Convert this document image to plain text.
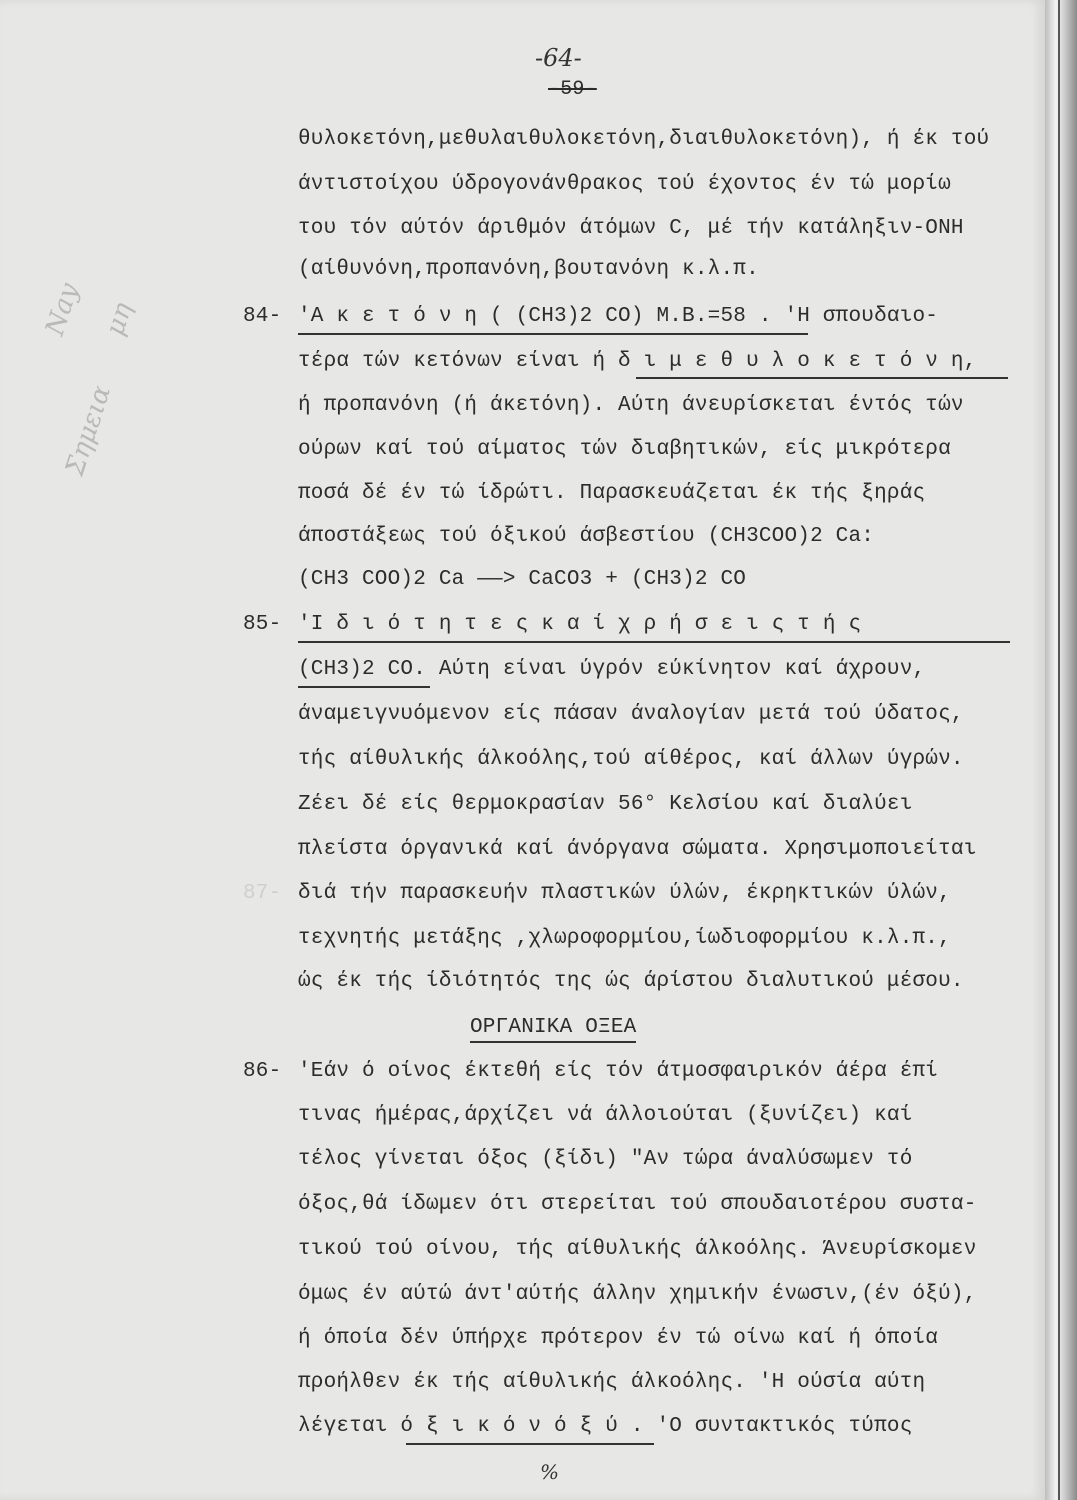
-64-
-59-
Nay μη
Σημεια
θυλοκετόνη,μεθυλαιθυλοκετόνη,διαιθυλοκετόνη), ή έκ τού
άντιστοίχου ύδρογονάνθρακος τού έχοντος έν τώ μορίω
του τόν αύτόν άριθμόν άτόμων C, μέ τήν κατάληξιν-ΟΝΗ
(αίθυνόνη,προπανόνη,βουτανόνη κ.λ.π.
84- 'Α κ ε τ ό ν η ( (CH3)2 CO) Μ.Β.=58 . 'Η σπουδαιο-
τέρα τών κετόνων είναι ή δ ι μ ε θ υ λ ο κ ε τ ό ν η,
ή προπανόνη (ή άκετόνη). Αύτη άνευρίσκεται έντός τών
ούρων καί τού αίματος τών διαβητικών, είς μικρότερα
ποσά δέ έν τώ ίδρώτι. Παρασκευάζεται έκ τής ξηράς
άποστάξεως τού όξικού άσβεστίου (CH3COO)2 Ca:
(CH3 COO)2 Ca ——> CaCO3 + (CH3)2 CO
85- 'Ι δ ι ό τ η τ ε ς κ α ί χ ρ ή σ ε ι ς τ ή ς
(CH3)2 CO. Αύτη είναι ύγρόν εύκίνητον καί άχρουν,
άναμειγνυόμενον είς πάσαν άναλογίαν μετά τού ύδατος,
τής αίθυλικής άλκοόλης,τού αίθέρος, καί άλλων ύγρών.
Ζέει δέ είς θερμοκρασίαν 56° Κελσίου καί διαλύει
πλείστα όργανικά καί άνόργανα σώματα. Χρησιμοποιείται
διά τήν παρασκευήν πλαστικών ύλών, έκρηκτικών ύλών,
87-
τεχνητής μετάξης ,χλωροφορμίου,ίωδιοφορμίου κ.λ.π.,
ώς έκ τής ίδιότητός της ώς άρίστου διαλυτικού μέσου.
ΟΡΓΑΝΙΚΑ ΟΞΕΑ
86- 'Εάν ό οίνος έκτεθή είς τόν άτμοσφαιρικόν άέρα έπί
τινας ήμέρας,άρχίζει νά άλλοιούται (ξυνίζει) καί
τέλος γίνεται όξος (ξίδι) "Αν τώρα άναλύσωμεν τό
όξος,θά ίδωμεν ότι στερείται τού σπουδαιοτέρου συστα-
τικού τού οίνου, τής αίθυλικής άλκοόλης. Άνευρίσκομεν
όμως έν αύτώ άντ'αύτής άλλην χημικήν ένωσιν,(έν όξύ),
ή όποία δέν ύπήρχε πρότερον έν τώ οίνω καί ή όποία
προήλθεν έκ τής αίθυλικής άλκοόλης. 'Η ούσία αύτη
λέγεται ό ξ ι κ ό ν ό ξ ύ . 'Ο συντακτικός τύπος
%
